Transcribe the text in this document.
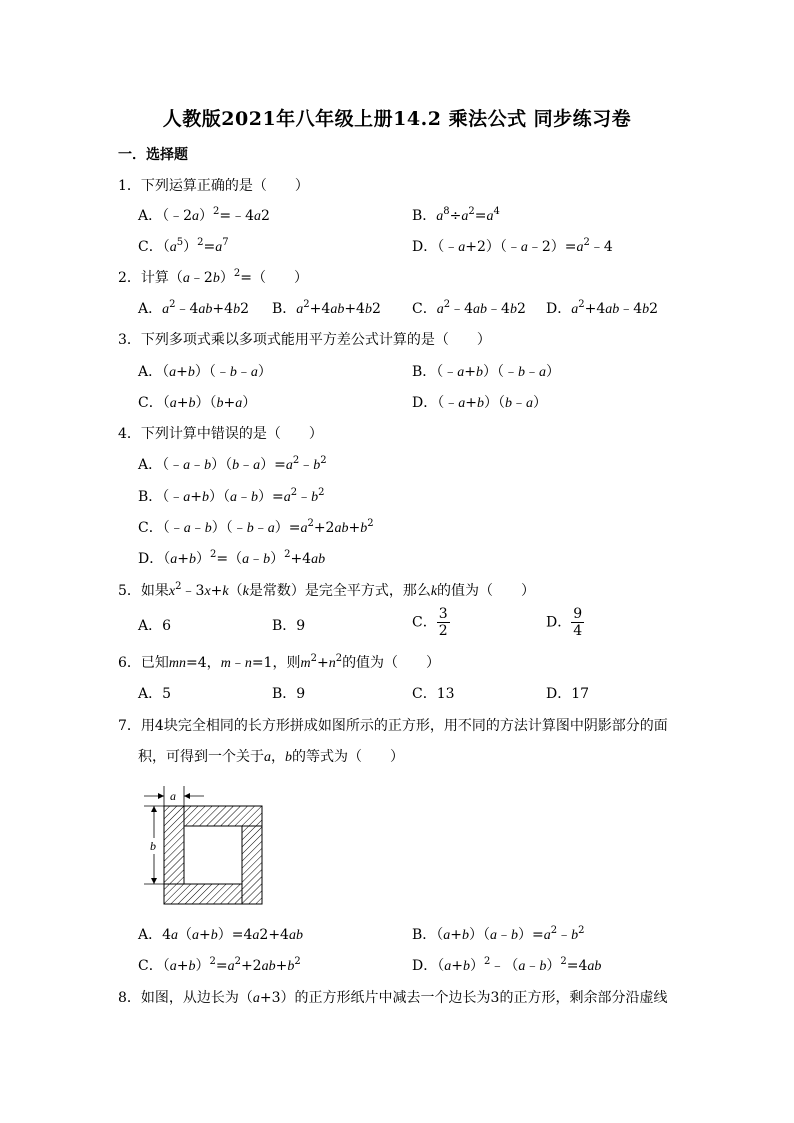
人教版2021年八年级上册14.2 乘法公式 同步练习卷
一．选择题
1．下列运算正确的是（　　）
A．（﹣2a）$^2$=﹣4a2	B．$a^8\div a^2=a^4$
C．$(a^5)^2=a^7$	D．$(﹣a+2)(﹣a﹣2)=a^2﹣4$
2．计算（a﹣2b）$^2$=（　　）
A．$a^2﹣4ab+4b2$ B．$a^2+4ab+4b2$ C．$a^2﹣4ab﹣4b2$ D．$a^2+4ab﹣4b2$
3．下列多项式乘以多项式能用平方差公式计算的是（　　）
A．（a+b）（﹣b﹣a）	B．（﹣a+b）（﹣b﹣a）
C．（a+b）（b+a）	D．（﹣a+b）（b﹣a）
4．下列计算中错误的是（　　）
A．$(﹣a﹣b)(b﹣a)=a^2﹣b^2$
B．$(﹣a+b)(a﹣b)=a^2﹣b^2$
C．$(﹣a﹣b)(﹣b﹣a)=a^2+2ab+b^2$
D．$(a+b)^2=(a﹣b)^2+4ab$
5．如果$x^2﹣3x+k(k$是常数）是完全平方式，那么k的值为（　　）
A．6	B．9	C． $\frac{3}{2}$	D． $\frac{9}{4}$
6．已知mn=4，m﹣n=1，则$m^2+n^2$的值为（　　）
A．5	B．9	C．13	D．17
7．用4块完全相同的长方形拼成如图所示的正方形，用不同的方法计算图中阴影部分的面
积，可得到一个关于a，b的等式为（　　）
a
b
A．4a（a+b）=4a2+4ab	B．$(a+b)(a﹣b)=a^2﹣b^2$
C．$(a+b)^2=a^2+2ab+b^2$	D．$(a+b)^2﹣(a﹣b)^2=4ab$
8．如图，从边长为（a+3）的正方形纸片中减去一个边长为3的正方形，剩余部分沿虚线
